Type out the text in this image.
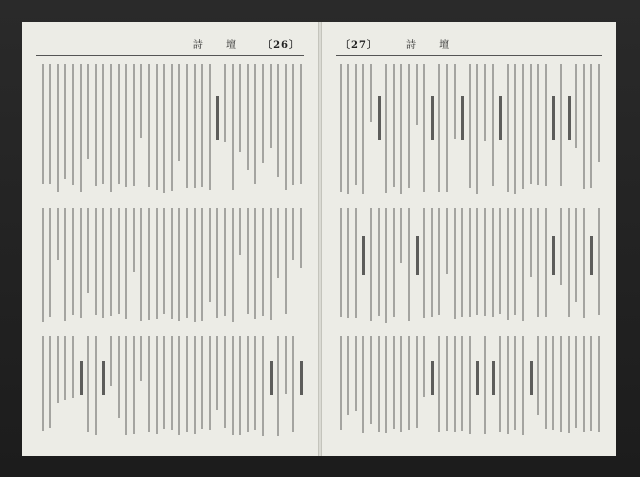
詩 壇 〔26〕	〔27〕	詩 壇
